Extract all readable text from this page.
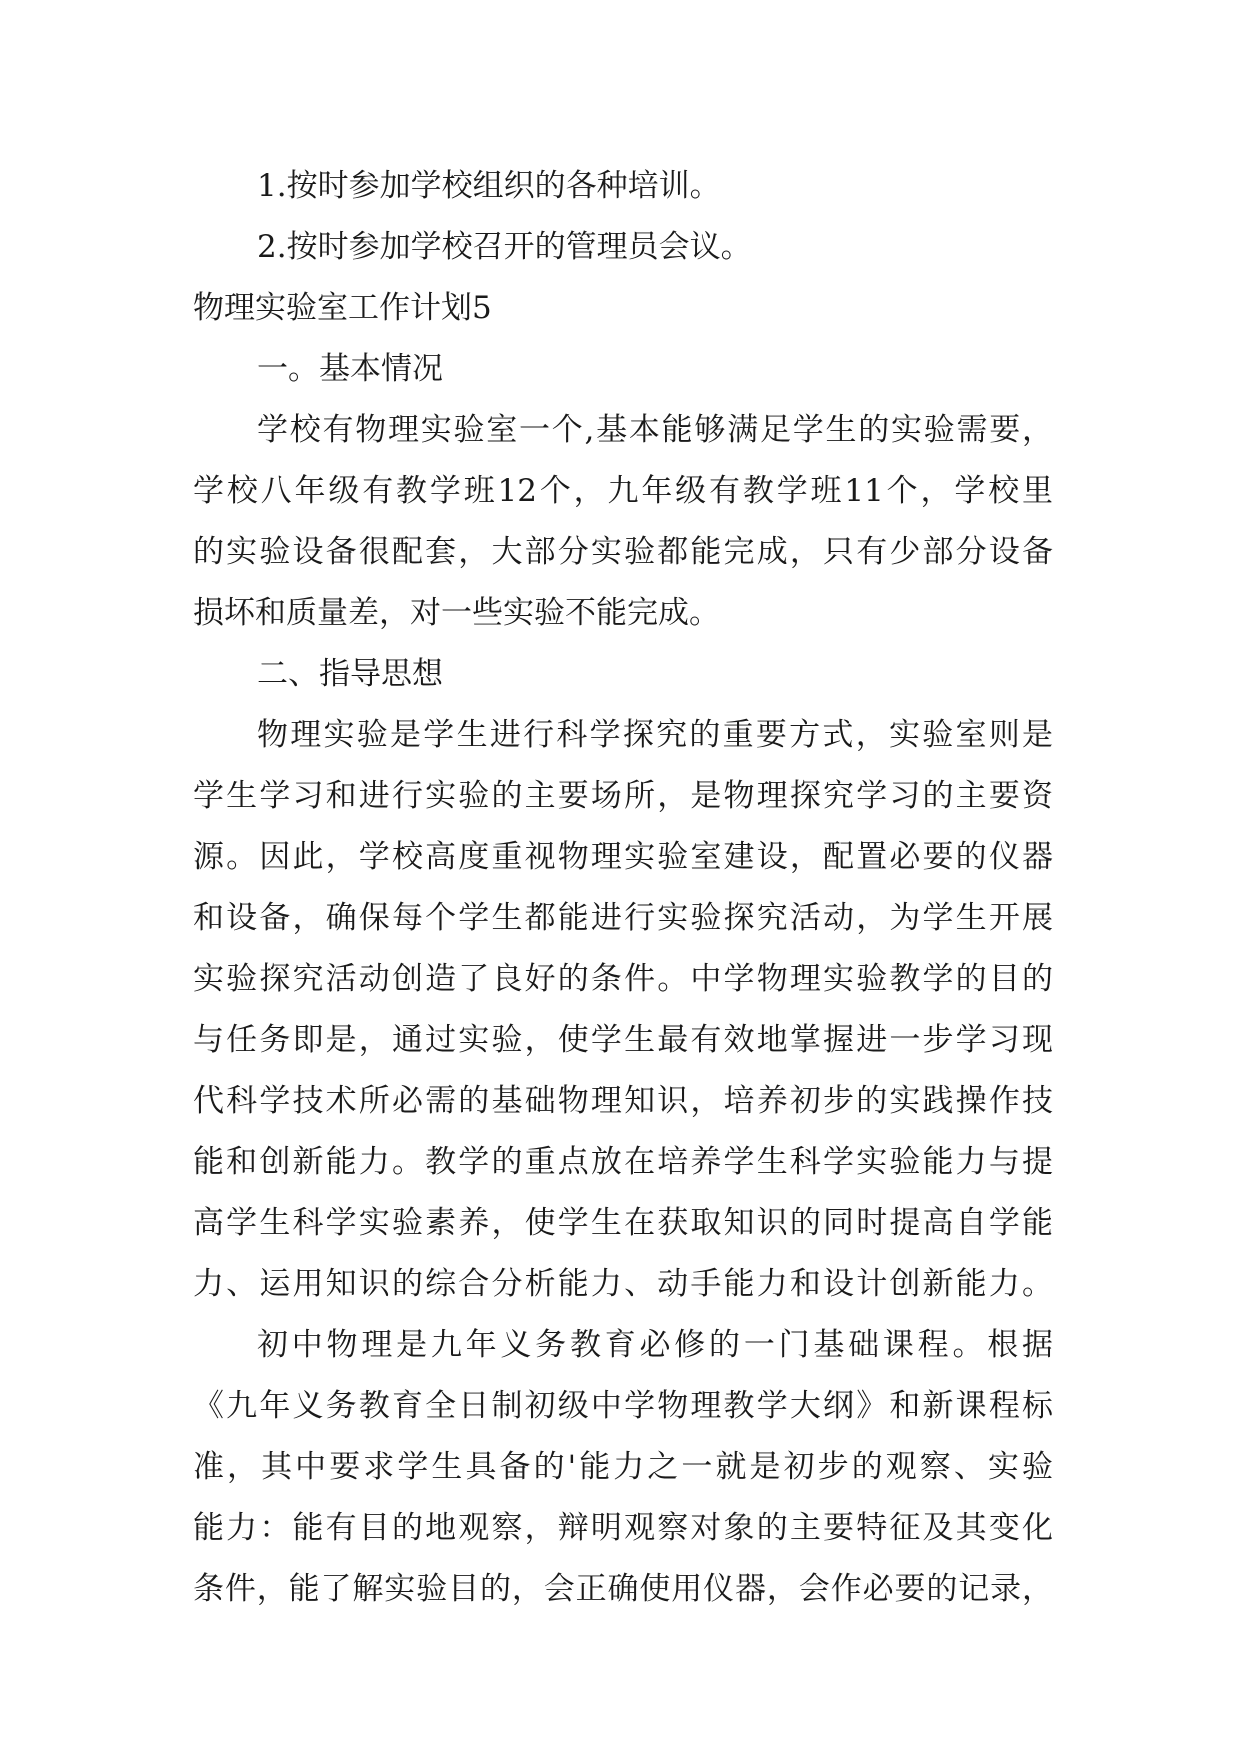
1.按时参加学校组织的各种培训。
2.按时参加学校召开的管理员会议。
物理实验室工作计划5
一。基本情况
学校有物理实验室一个,基本能够满足学生的实验需要，
学校八年级有教学班12个，九年级有教学班11个，学校里
的实验设备很配套，大部分实验都能完成，只有少部分设备
损坏和质量差，对一些实验不能完成。
二、指导思想
物理实验是学生进行科学探究的重要方式，实验室则是
学生学习和进行实验的主要场所，是物理探究学习的主要资
源。因此，学校高度重视物理实验室建设，配置必要的仪器
和设备，确保每个学生都能进行实验探究活动，为学生开展
实验探究活动创造了良好的条件。中学物理实验教学的目的
与任务即是，通过实验，使学生最有效地掌握进一步学习现
代科学技术所必需的基础物理知识，培养初步的实践操作技
能和创新能力。教学的重点放在培养学生科学实验能力与提
高学生科学实验素养，使学生在获取知识的同时提高自学能
力、运用知识的综合分析能力、动手能力和设计创新能力。
初中物理是九年义务教育必修的一门基础课程。根据
《九年义务教育全日制初级中学物理教学大纲》和新课程标
准，其中要求学生具备的'能力之一就是初步的观察、实验
能力：能有目的地观察，辩明观察对象的主要特征及其变化
条件，能了解实验目的，会正确使用仪器，会作必要的记录，
